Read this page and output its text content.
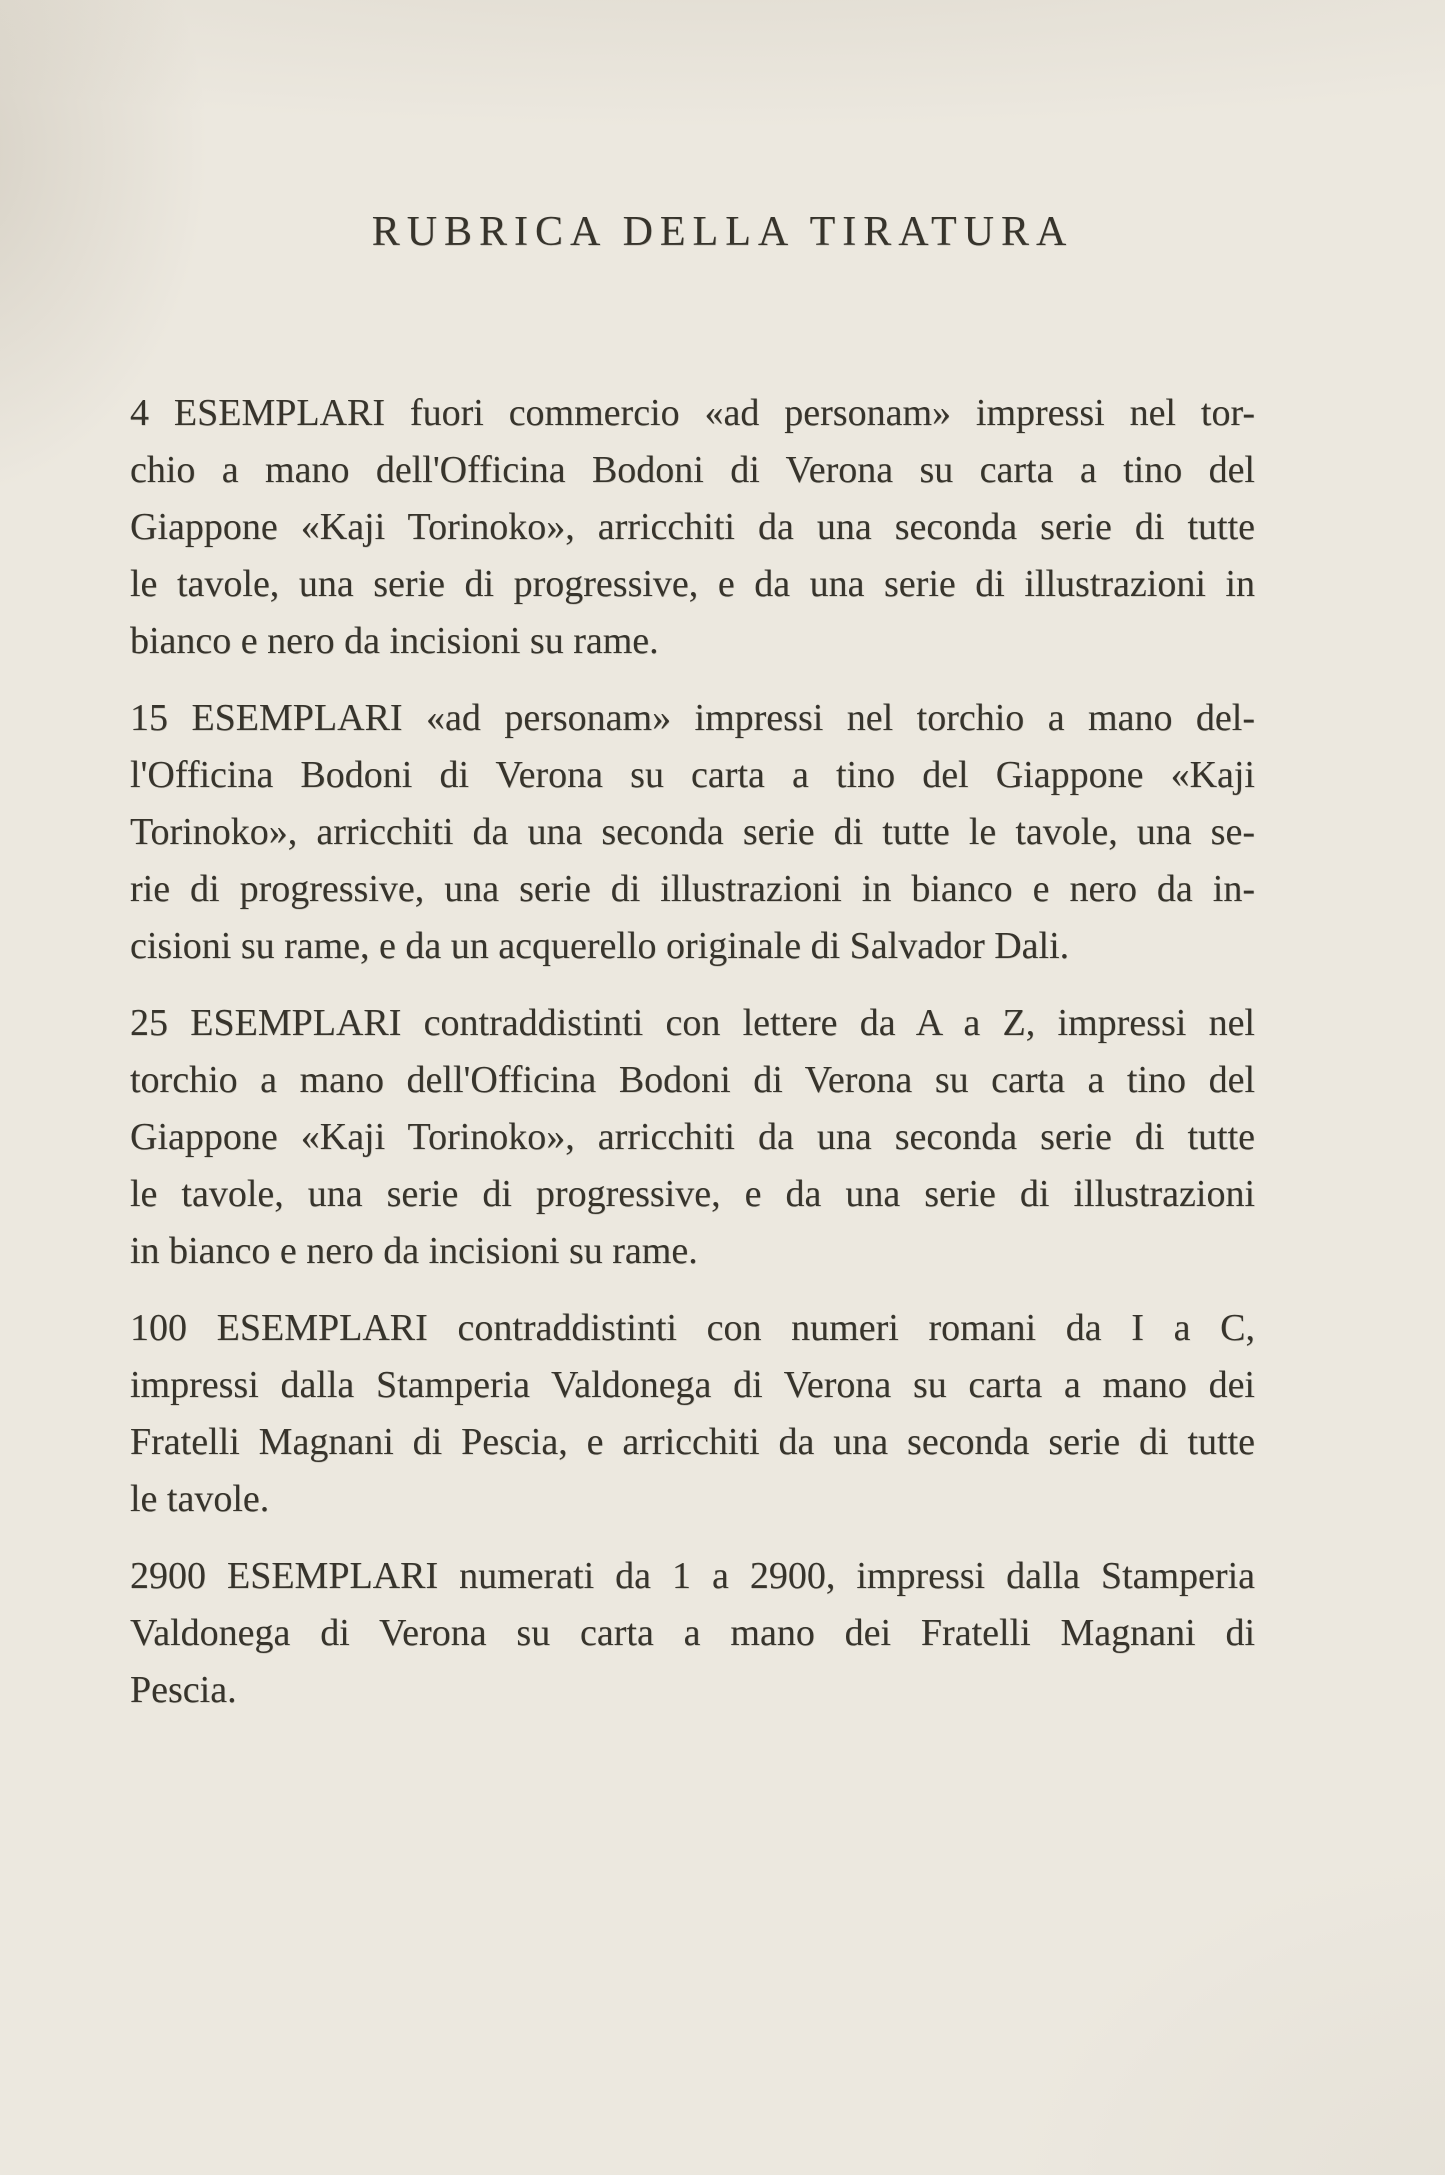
RUBRICA DELLA TIRATURA
4 ESEMPLARI fuori commercio «ad personam» impressi nel tor-
chio a mano dell'Officina Bodoni di Verona su carta a tino del
Giappone «Kaji Torinoko», arricchiti da una seconda serie di tutte
le tavole, una serie di progressive, e da una serie di illustrazioni in
bianco e nero da incisioni su rame.
15 ESEMPLARI «ad personam» impressi nel torchio a mano del-
l'Officina Bodoni di Verona su carta a tino del Giappone «Kaji
Torinoko», arricchiti da una seconda serie di tutte le tavole, una se-
rie di progressive, una serie di illustrazioni in bianco e nero da in-
cisioni su rame, e da un acquerello originale di Salvador Dali.
25 ESEMPLARI contraddistinti con lettere da A a Z, impressi nel
torchio a mano dell'Officina Bodoni di Verona su carta a tino del
Giappone «Kaji Torinoko», arricchiti da una seconda serie di tutte
le tavole, una serie di progressive, e da una serie di illustrazioni
in bianco e nero da incisioni su rame.
100 ESEMPLARI contraddistinti con numeri romani da I a C,
impressi dalla Stamperia Valdonega di Verona su carta a mano dei
Fratelli Magnani di Pescia, e arricchiti da una seconda serie di tutte
le tavole.
2900 ESEMPLARI numerati da 1 a 2900, impressi dalla Stamperia
Valdonega di Verona su carta a mano dei Fratelli Magnani di
Pescia.
